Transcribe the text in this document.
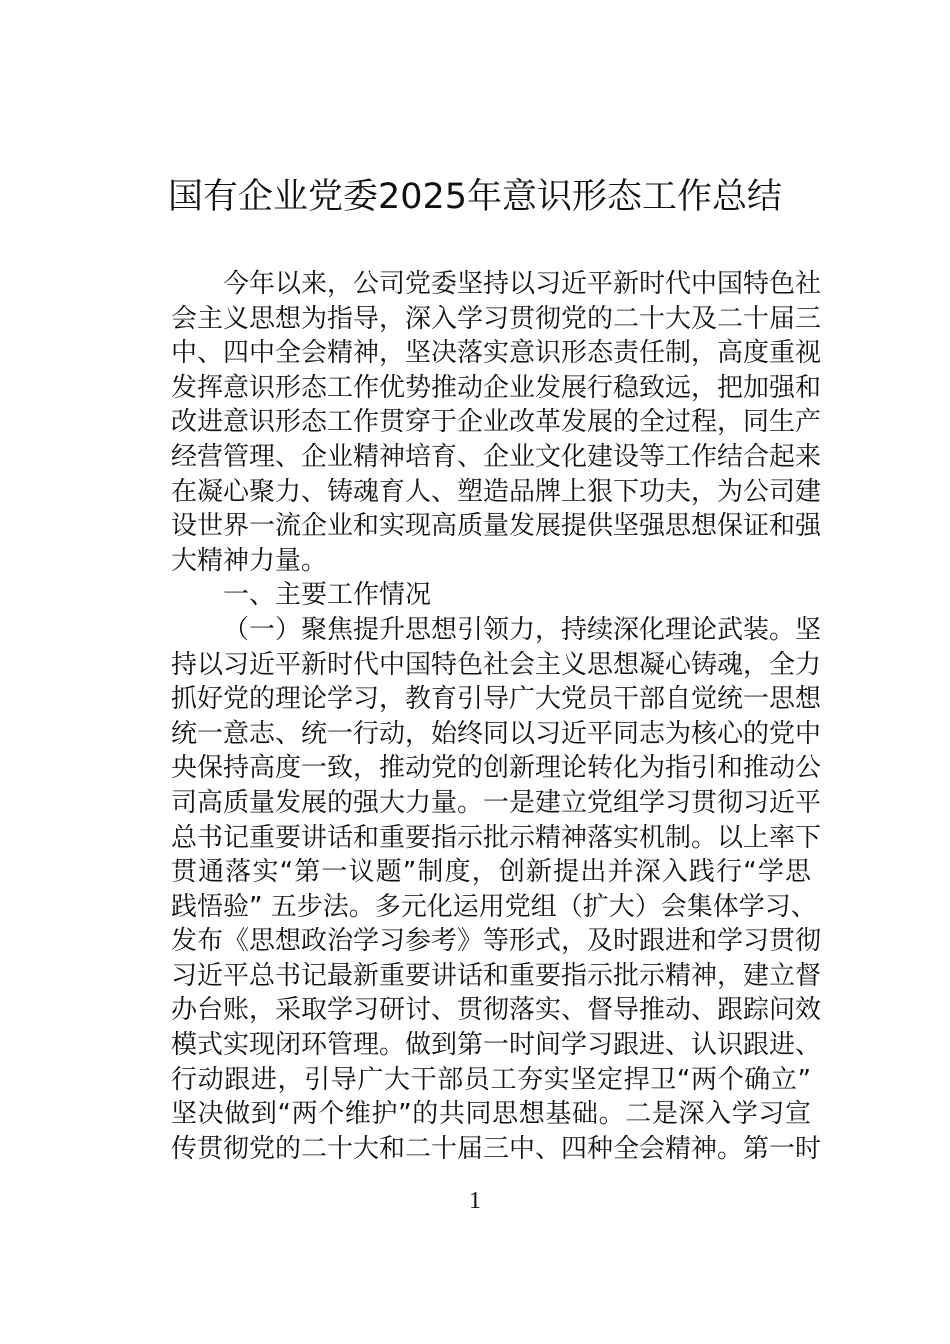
国有企业党委2025年意识形态工作总结
今年以来，公司党委坚持以习近平新时代中国特色社
会主义思想为指导，深入学习贯彻党的二十大及二十届三
中、四中全会精神，坚决落实意识形态责任制，高度重视
发挥意识形态工作优势推动企业发展行稳致远，把加强和
改进意识形态工作贯穿于企业改革发展的全过程，同生产
经营管理、企业精神培育、企业文化建设等工作结合起来
在凝心聚力、铸魂育人、塑造品牌上狠下功夫，为公司建
设世界一流企业和实现高质量发展提供坚强思想保证和强
大精神力量。
一、主要工作情况
（一）聚焦提升思想引领力，持续深化理论武装。坚
持以习近平新时代中国特色社会主义思想凝心铸魂，全力
抓好党的理论学习，教育引导广大党员干部自觉统一思想
统一意志、统一行动，始终同以习近平同志为核心的党中
央保持高度一致，推动党的创新理论转化为指引和推动公
司高质量发展的强大力量。一是建立党组学习贯彻习近平
总书记重要讲话和重要指示批示精神落实机制。以上率下
贯通落实“第一议题”制度，创新提出并深入践行“学思
践悟验” 五步法。多元化运用党组（扩大）会集体学习、
发布《思想政治学习参考》等形式，及时跟进和学习贯彻
习近平总书记最新重要讲话和重要指示批示精神，建立督
办台账，采取学习研讨、贯彻落实、督导推动、跟踪问效
模式实现闭环管理。做到第一时间学习跟进、认识跟进、
行动跟进，引导广大干部员工夯实坚定捍卫“两个确立”
坚决做到“两个维护”的共同思想基础。二是深入学习宣
传贯彻党的二十大和二十届三中、四种全会精神。第一时
1
